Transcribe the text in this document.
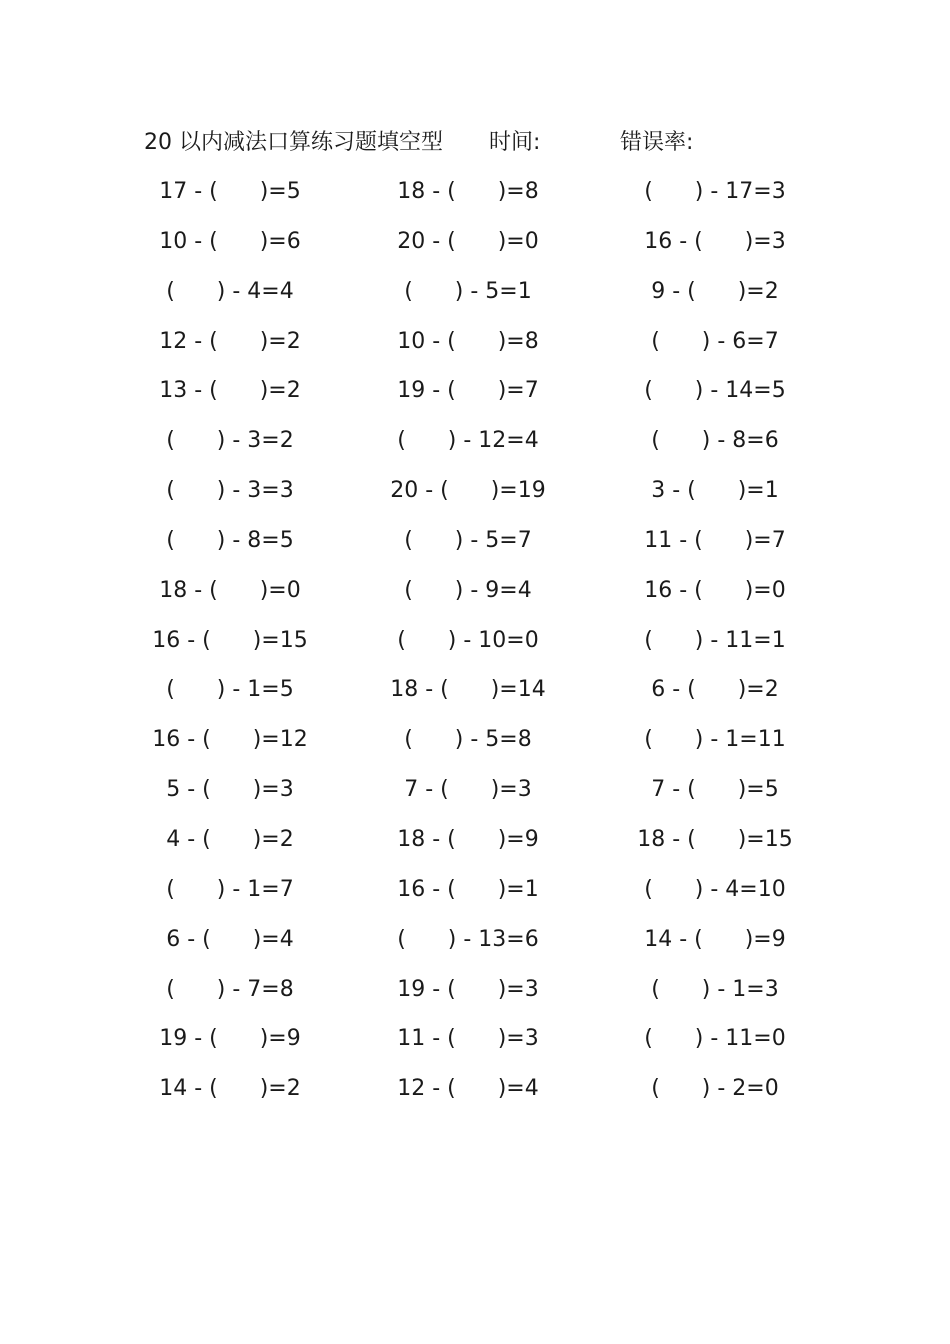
20 以内减法口算练习题填空型 时间:	错误率:
17 - (      )=5	18 - (      )=8	(      ) - 17=3
10 - (      )=6	20 - (      )=0	16 - (      )=3
(      ) - 4=4	(      ) - 5=1	9 - (      )=2
12 - (      )=2	10 - (      )=8	(      ) - 6=7
13 - (      )=2	19 - (      )=7	(      ) - 14=5
(      ) - 3=2	(      ) - 12=4	(      ) - 8=6
(      ) - 3=3	20 - (      )=19	3 - (      )=1
(      ) - 8=5	(      ) - 5=7	11 - (      )=7
18 - (      )=0	(      ) - 9=4	16 - (      )=0
16 - (      )=15	(      ) - 10=0	(      ) - 11=1
(      ) - 1=5	18 - (      )=14	6 - (      )=2
16 - (      )=12	(      ) - 5=8	(      ) - 1=11
5 - (      )=3	7 - (      )=3	7 - (      )=5
4 - (      )=2	18 - (      )=9	18 - (      )=15
(      ) - 1=7	16 - (      )=1	(      ) - 4=10
6 - (      )=4	(      ) - 13=6	14 - (      )=9
(      ) - 7=8	19 - (      )=3	(      ) - 1=3
19 - (      )=9	11 - (      )=3	(      ) - 11=0
14 - (      )=2	12 - (      )=4	(      ) - 2=0
